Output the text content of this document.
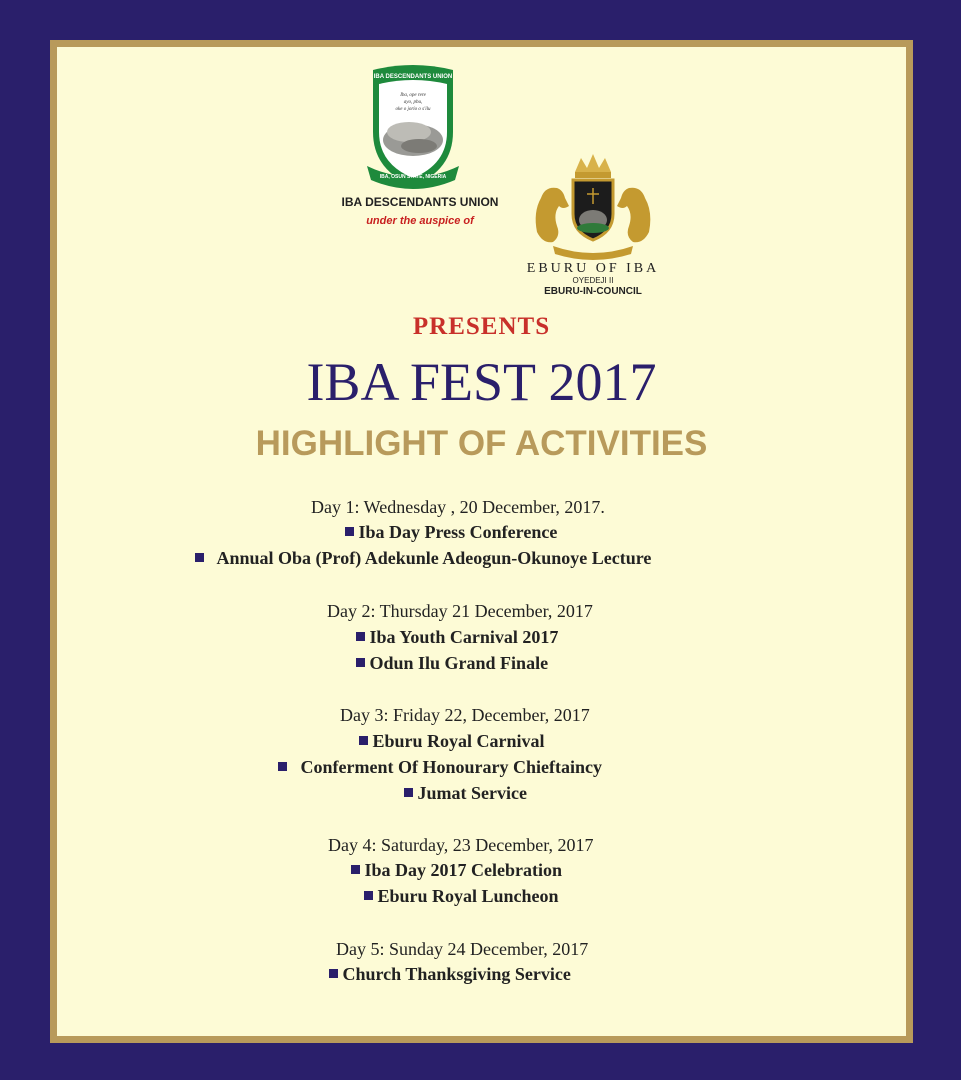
IBA DESCENDANTS UNION
Iba, ope rere
ayo, pbu,
oke o jorio o s'ilu
IBA, OSUN STATE, NIGERIA
IBA DESCENDANTS UNION
under the auspice of
EBURU OF IBA
OYEDEJI II
EBURU-IN-COUNCIL
PRESENTS
IBA FEST 2017
HIGHLIGHT OF ACTIVITIES
Day 1: Wednesday , 20 December, 2017.
Iba Day Press Conference
Annual Oba (Prof) Adekunle Adeogun-Okunoye Lecture
Day 2: Thursday 21 December, 2017
Iba Youth Carnival 2017
Odun Ilu Grand Finale
Day 3: Friday 22, December, 2017
Eburu Royal Carnival
Conferment Of Honourary Chieftaincy
Jumat Service
Day 4: Saturday, 23 December, 2017
Iba Day 2017 Celebration
Eburu Royal Luncheon
Day 5: Sunday 24 December, 2017
Church Thanksgiving Service
